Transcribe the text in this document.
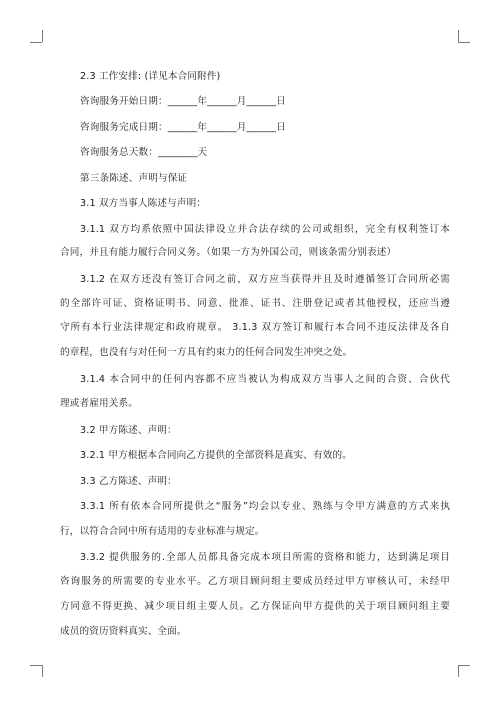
2.3 工作安排: (详见本合同附件)
咨询服务开始日期：______年______月______日
咨询服务完成日期：______年______月______日
咨询服务总天数：________天
第三条陈述、声明与保证
3.1 双方当事人陈述与声明：
3.1.1 双方均系依照中国法律设立并合法存续的公司或组织，完全有权利签订本
合同，并且有能力履行合同义务。（如果一方为外国公司，则该条需分别表述）
3.1.2 在双方还没有签订合同之前，双方应当获得并且及时遵循签订合同所必需
的全部许可证、资格证明书、同意、批准、证书、注册登记或者其他授权，还应当遵
守所有本行业法律规定和政府规章。 3.1.3 双方签订和履行本合同不违反法律及各自
的章程，也没有与对任何一方具有约束力的任何合同发生冲突之处。
3.1.4 本合同中的任何内容都不应当被认为构成双方当事人之间的合资、合伙代
理或者雇用关系。
3.2 甲方陈述、声明：
3.2.1 甲方根据本合同向乙方提供的全部资料是真实、有效的。
3.3 乙方陈述、声明：
3.3.1 所有依本合同所提供之“服务”均会以专业、熟练与令甲方满意的方式来执
行，以符合合同中所有适用的专业标准与规定。
3.3.2 提供服务的.全部人员都具备完成本项目所需的资格和能力，达到满足项目
咨询服务的所需要的专业水平。乙方项目顾问组主要成员经过甲方审核认可，未经甲
方同意不得更换、减少项目组主要人员。乙方保证向甲方提供的关于项目顾问组主要
成员的资历资料真实、全面。
